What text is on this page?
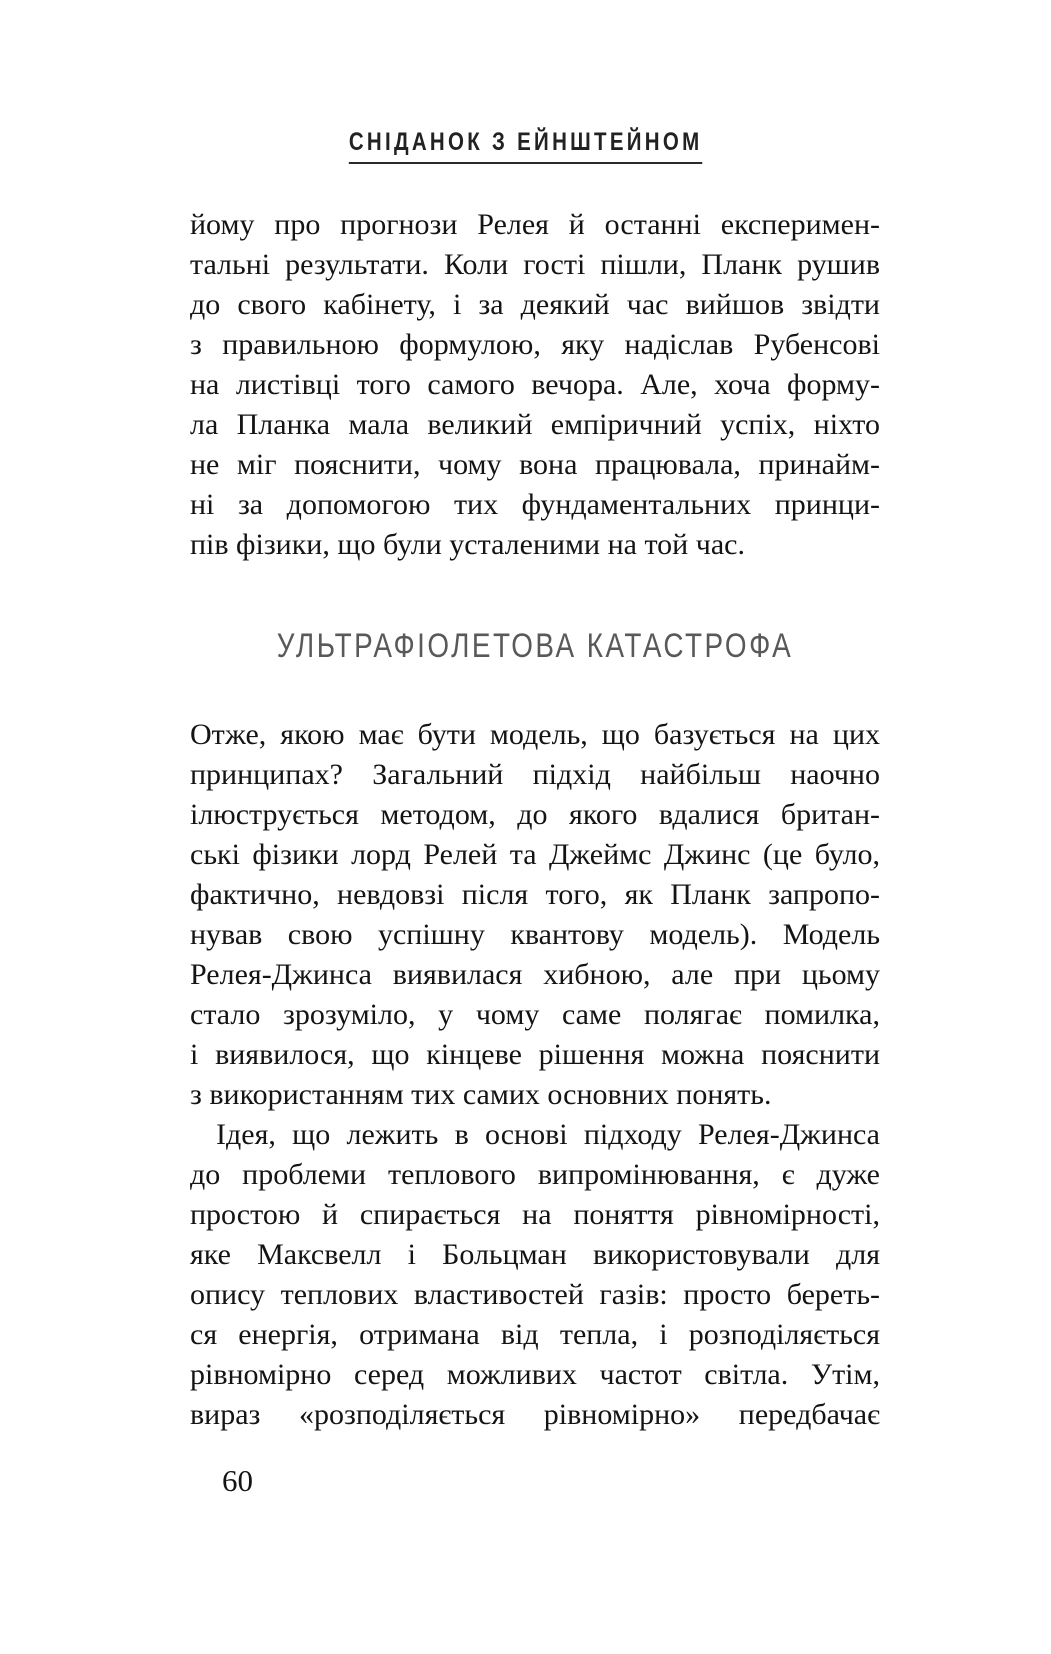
СНІДАНОК З ЕЙНШТЕЙНОМ
йому про прогнози Релея й останні експеримен-
тальні результати. Коли гості пішли, Планк рушив
до свого кабінету, і за деякий час вийшов звідти
з правильною формулою, яку надіслав Рубенсові
на листівці того самого вечора. Але, хоча форму-
ла Планка мала великий емпіричний успіх, ніхто
не міг пояснити, чому вона працювала, принайм-
ні за допомогою тих фундаментальних принци-
пів фізики, що були усталеними на той час.
УЛЬТРАФІОЛЕТОВА КАТАСТРОФА
Отже, якою має бути модель, що базується на цих
принципах? Загальний підхід найбільш наочно
ілюструється методом, до якого вдалися британ-
ські фізики лорд Релей та Джеймс Джинс (це було,
фактично, невдовзі після того, як Планк запропо-
нував свою успішну квантову модель). Модель
Релея-Джинса виявилася хибною, але при цьому
стало зрозуміло, у чому саме полягає помилка,
і виявилося, що кінцеве рішення можна пояснити
з використанням тих самих основних понять.
Ідея, що лежить в основі підходу Релея-Джинса
до проблеми теплового випромінювання, є дуже
простою й спирається на поняття рівномірності,
яке Максвелл і Больцман використовували для
опису теплових властивостей газів: просто береть-
ся енергія, отримана від тепла, і розподіляється
рівномірно серед можливих частот світла. Утім,
вираз «розподіляється рівномірно» передбачає
60
